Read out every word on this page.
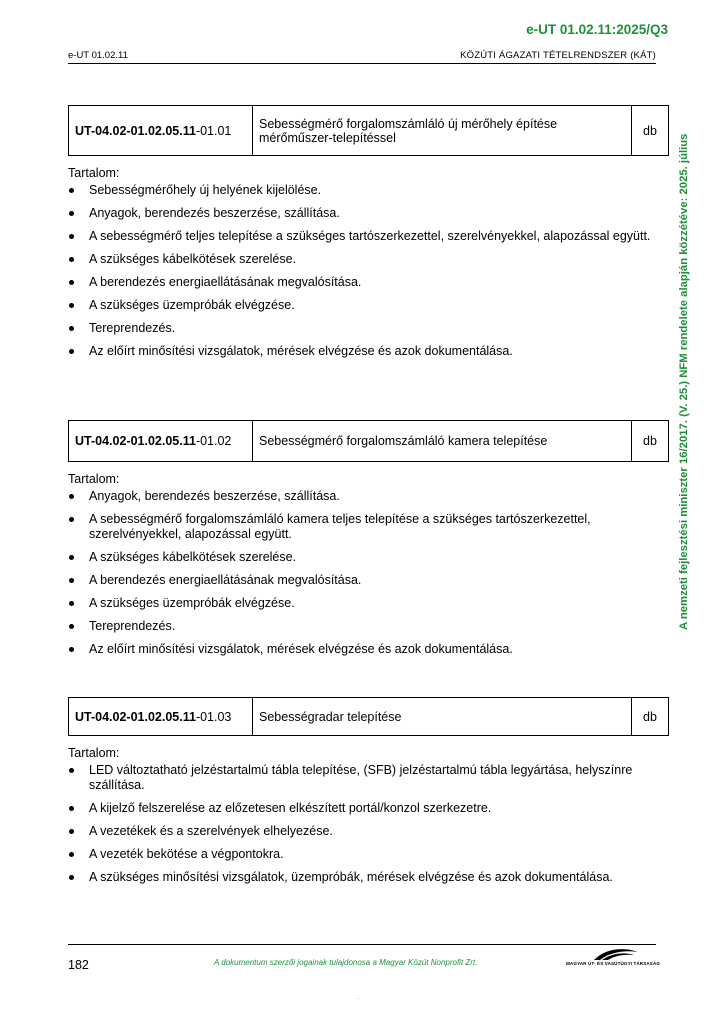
e-UT 01.02.11:2025/Q3
e-UT 01.02.11	KÖZÚTI ÁGAZATI TÉTELRENDSZER (KÁT)
A nemzeti fejlesztési miniszter 16/2017. (V. 25.) NFM rendelete alapján közzétéve: 2025. július
UT-04.02-01.02.05.11-01.01	Sebességmérő forgalomszámláló új mérőhely építése mérőműszer-telepítéssel	db
Tartalom:
Sebességmérőhely új helyének kijelölése.
Anyagok, berendezés beszerzése, szállítása.
A sebességmérő teljes telepítése a szükséges tartószerkezettel, szerelvényekkel, alapozással együtt.
A szükséges kábelkötések szerelése.
A berendezés energiaellátásának megvalósítása.
A szükséges üzempróbák elvégzése.
Tereprendezés.
Az előírt minősítési vizsgálatok, mérések elvégzése és azok dokumentálása.
UT-04.02-01.02.05.11-01.02	Sebességmérő forgalomszámláló kamera telepítése	db
Tartalom:
Anyagok, berendezés beszerzése, szállítása.
A sebességmérő forgalomszámláló kamera teljes telepítése a szükséges tartószerkezettel, szerelvényekkel, alapozással együtt.
A szükséges kábelkötések szerelése.
A berendezés energiaellátásának megvalósítása.
A szükséges üzempróbák elvégzése.
Tereprendezés.
Az előírt minősítési vizsgálatok, mérések elvégzése és azok dokumentálása.
UT-04.02-01.02.05.11-01.03	Sebességradar telepítése	db
Tartalom:
LED változtatható jelzéstartalmú tábla telepítése, (SFB) jelzéstartalmú tábla legyártása, helyszínre szállítása.
A kijelző felszerelése az előzetesen elkészített portál/konzol szerkezetre.
A vezetékek és a szerelvények elhelyezése.
A vezeték bekötése a végpontokra.
A szükséges minősítési vizsgálatok, üzempróbák, mérések elvégzése és azok dokumentálása.
182	A dokumentum szerzői jogainak tulajdonosa a Magyar Közút Nonprofit Zrt.	MAGYAR ÚT- ÉS VASÚTÜGYI TÁRSASÁG
.
